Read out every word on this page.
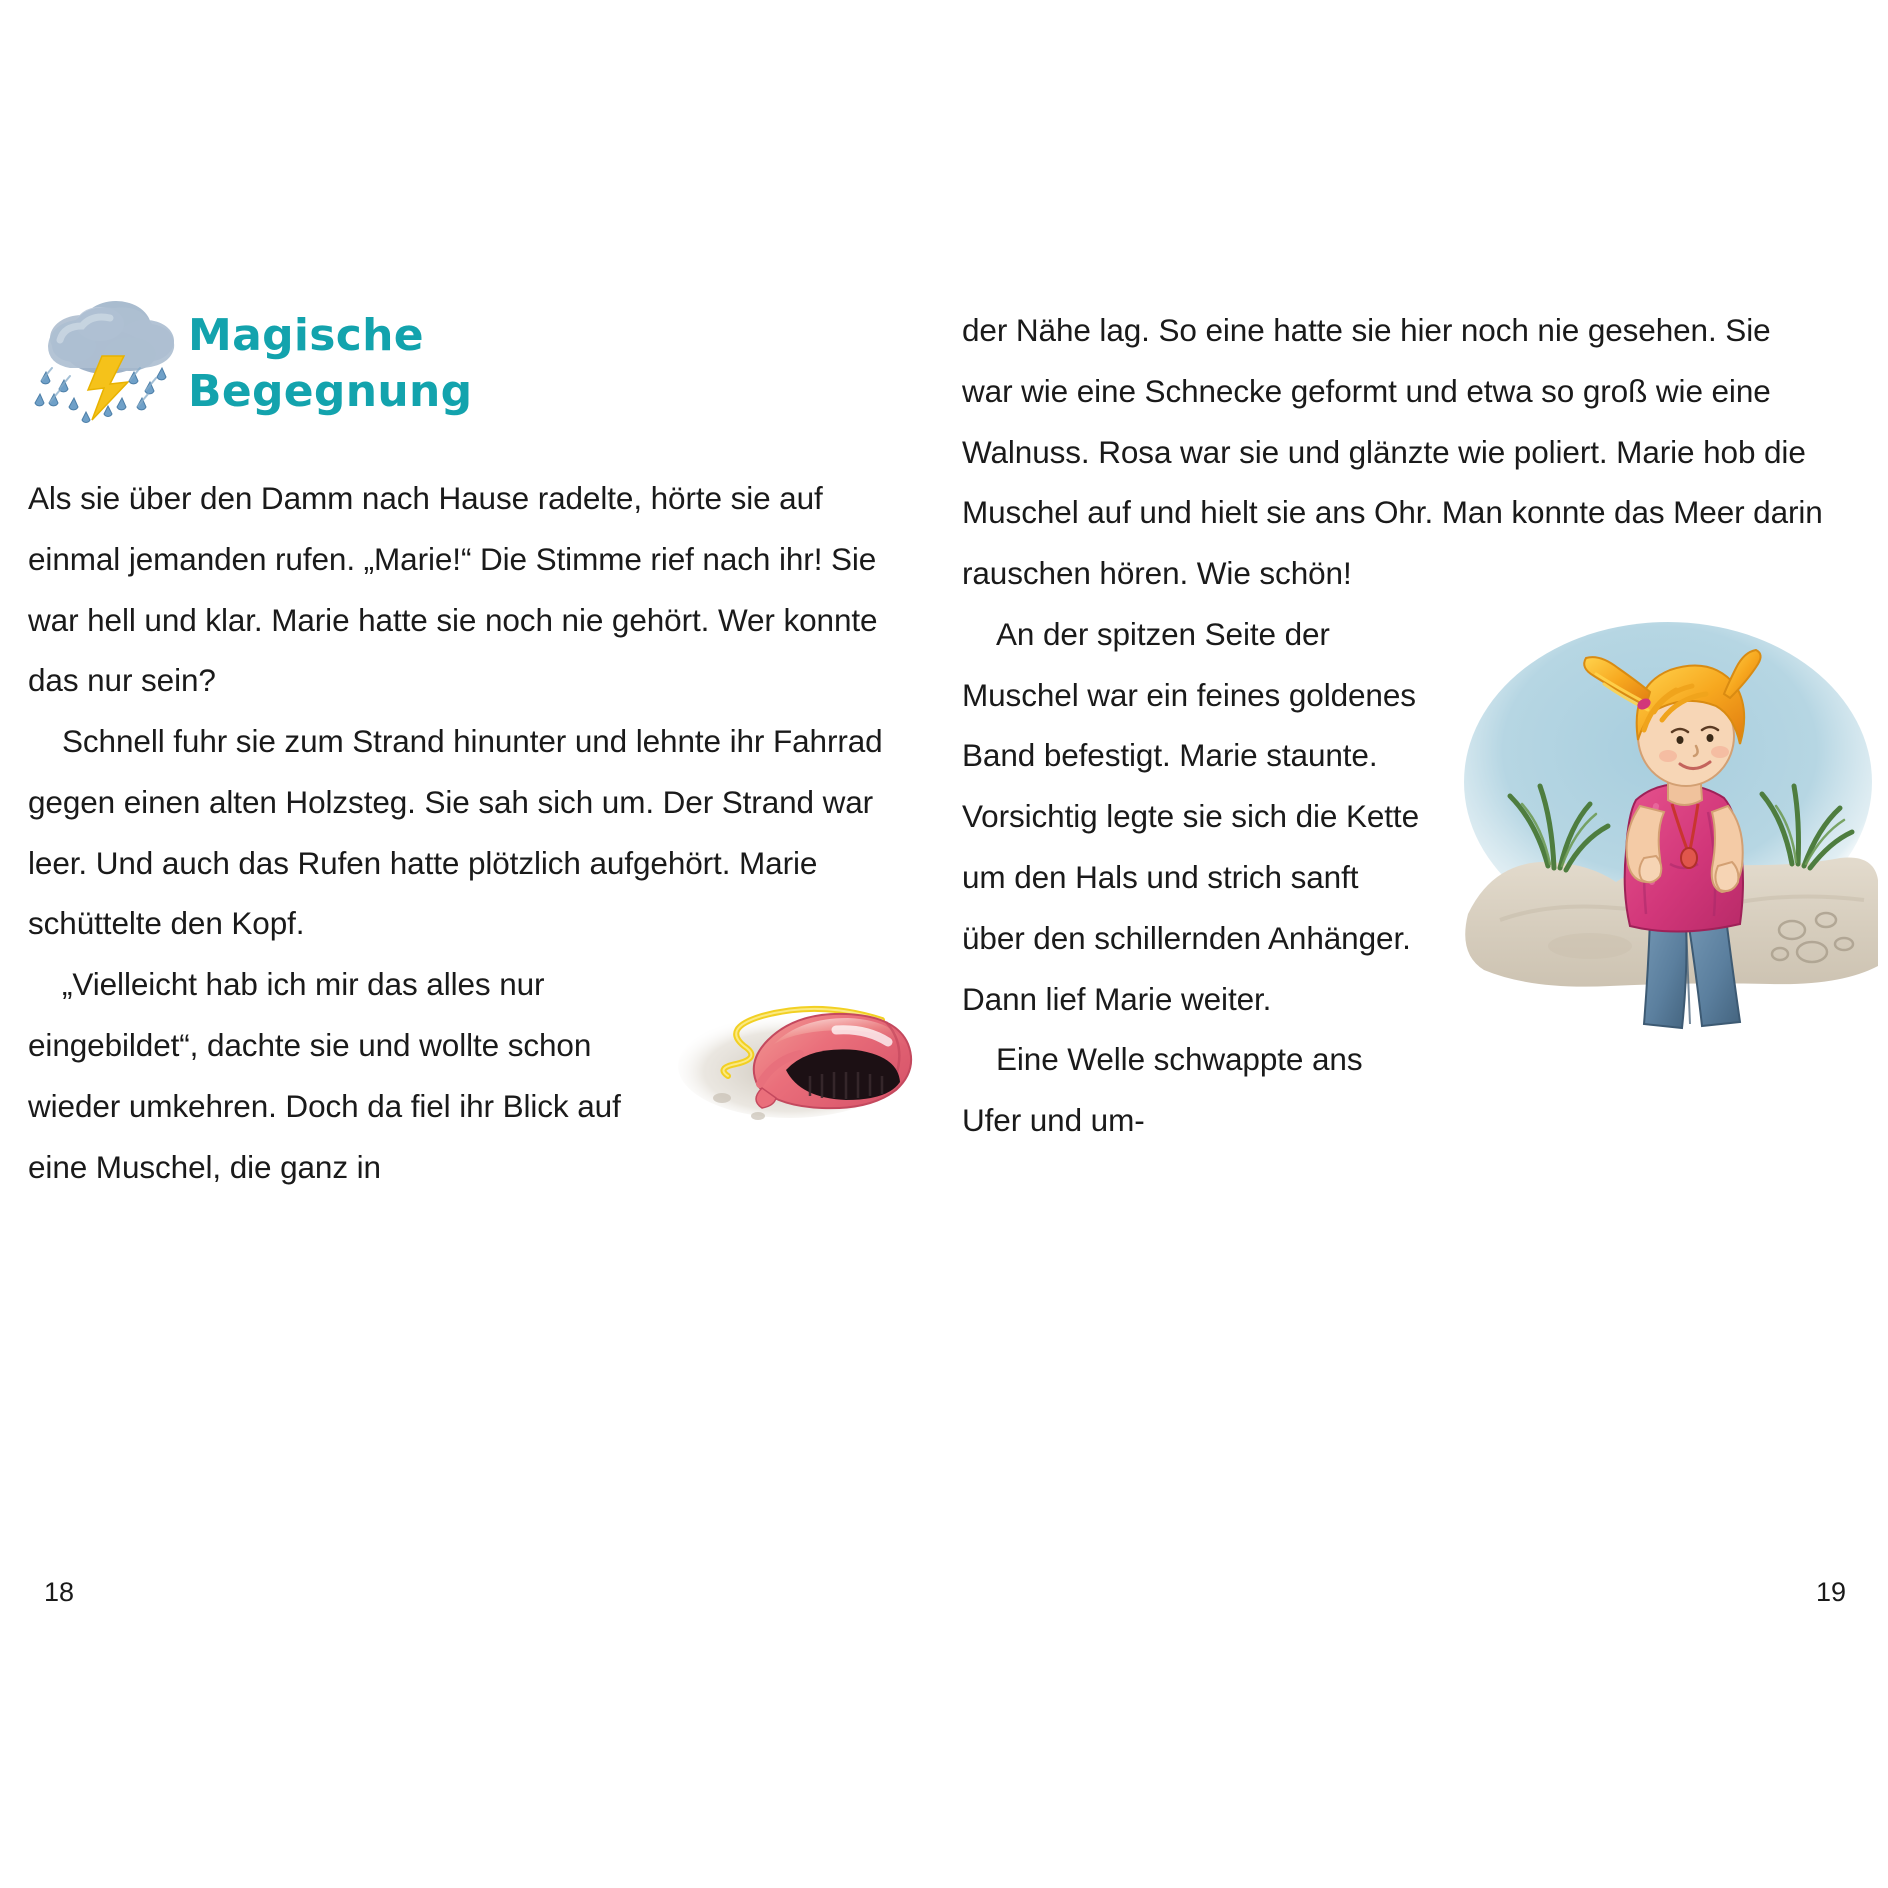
Magische
Begegnung

Als sie über den Damm nach Hause radelte, hörte sie auf einmal jemanden rufen. „Marie!“ Die Stimme rief nach ihr! Sie war hell und klar. Marie hatte sie noch nie gehört. Wer konnte das nur sein?

Schnell fuhr sie zum Strand hinunter und lehnte ihr Fahrrad gegen einen alten Holzsteg. Sie sah sich um. Der Strand war leer. Und auch das Rufen hatte plötzlich aufgehört. Marie schüttelte den Kopf.

„Vielleicht hab ich mir das alles nur eingebildet“, dachte sie und wollte schon wieder umkehren. Doch da fiel ihr Blick auf eine Muschel, die ganz in

18

der Nähe lag. So eine hatte sie hier noch nie gesehen. Sie war wie eine Schnecke geformt und etwa so groß wie eine Walnuss. Rosa war sie und glänzte wie poliert. Marie hob die Muschel auf und hielt sie ans Ohr. Man konnte das Meer darin rauschen hören. Wie schön!

An der spitzen Seite der Muschel war ein feines goldenes Band befestigt. Marie staunte. Vorsichtig legte sie sich die Kette um den Hals und strich sanft über den schillernden Anhänger. Dann lief Marie weiter.

Eine Welle schwappte ans Ufer und um-

19
